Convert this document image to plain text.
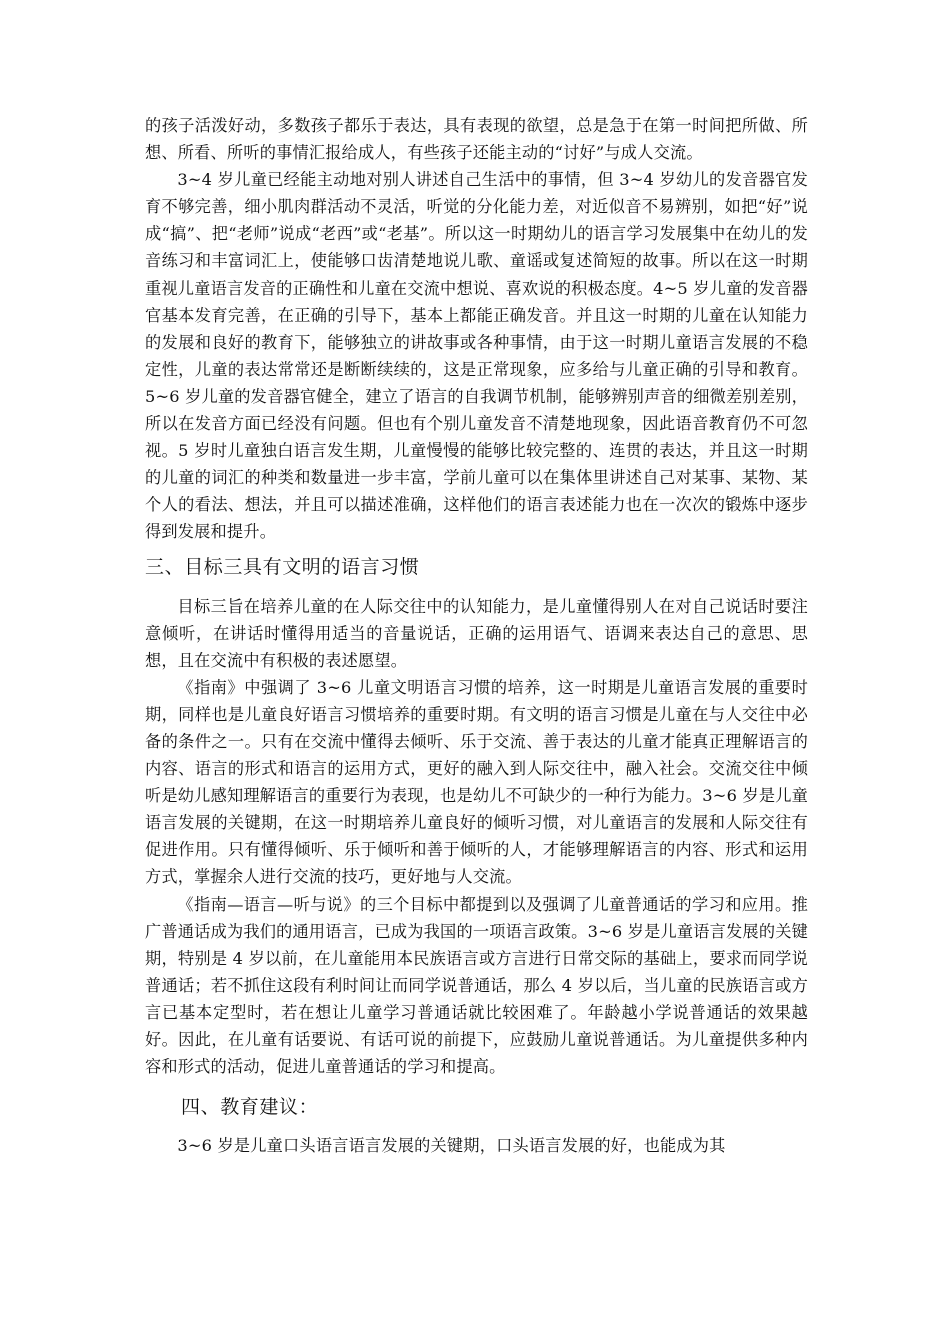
的孩子活泼好动，多数孩子都乐于表达，具有表现的欲望，总是急于在第一时间把所做、所想、所看、所听的事情汇报给成人，有些孩子还能主动的“讨好”与成人交流。

3~4 岁儿童已经能主动地对别人讲述自己生活中的事情，但 3~4 岁幼儿的发音器官发育不够完善，细小肌肉群活动不灵活，听觉的分化能力差，对近似音不易辨别，如把“好”说成“搞”、把“老师”说成“老西”或“老基”。所以这一时期幼儿的语言学习发展集中在幼儿的发音练习和丰富词汇上，使能够口齿清楚地说儿歌、童谣或复述简短的故事。所以在这一时期重视儿童语言发音的正确性和儿童在交流中想说、喜欢说的积极态度。4~5 岁儿童的发音器官基本发育完善，在正确的引导下，基本上都能正确发音。并且这一时期的儿童在认知能力的发展和良好的教育下，能够独立的讲故事或各种事情，由于这一时期儿童语言发展的不稳定性，儿童的表达常常还是断断续续的，这是正常现象，应多给与儿童正确的引导和教育。5~6 岁儿童的发音器官健全，建立了语言的自我调节机制，能够辨别声音的细微差别差别，所以在发音方面已经没有问题。但也有个别儿童发音不清楚地现象，因此语音教育仍不可忽视。5 岁时儿童独白语言发生期，儿童慢慢的能够比较完整的、连贯的表达，并且这一时期的儿童的词汇的种类和数量进一步丰富，学前儿童可以在集体里讲述自己对某事、某物、某个人的看法、想法，并且可以描述准确，这样他们的语言表述能力也在一次次的锻炼中逐步得到发展和提升。

三、目标三具有文明的语言习惯

目标三旨在培养儿童的在人际交往中的认知能力，是儿童懂得别人在对自己说话时要注意倾听，在讲话时懂得用适当的音量说话，正确的运用语气、语调来表达自己的意思、思想，且在交流中有积极的表述愿望。

《指南》中强调了 3~6 儿童文明语言习惯的培养，这一时期是儿童语言发展的重要时期，同样也是儿童良好语言习惯培养的重要时期。有文明的语言习惯是儿童在与人交往中必备的条件之一。只有在交流中懂得去倾听、乐于交流、善于表达的儿童才能真正理解语言的内容、语言的形式和语言的运用方式，更好的融入到人际交往中，融入社会。交流交往中倾听是幼儿感知理解语言的重要行为表现，也是幼儿不可缺少的一种行为能力。3~6 岁是儿童语言发展的关键期，在这一时期培养儿童良好的倾听习惯，对儿童语言的发展和人际交往有促进作用。只有懂得倾听、乐于倾听和善于倾听的人，才能够理解语言的内容、形式和运用方式，掌握余人进行交流的技巧，更好地与人交流。

《指南—语言—听与说》的三个目标中都提到以及强调了儿童普通话的学习和应用。推广普通话成为我们的通用语言，已成为我国的一项语言政策。3~6 岁是儿童语言发展的关键期，特别是 4 岁以前，在儿童能用本民族语言或方言进行日常交际的基础上，要求而同学说普通话；若不抓住这段有利时间让而同学说普通话，那么 4 岁以后，当儿童的民族语言或方言已基本定型时，若在想让儿童学习普通话就比较困难了。年龄越小学说普通话的效果越好。因此，在儿童有话要说、有话可说的前提下，应鼓励儿童说普通话。为儿童提供多种内容和形式的活动，促进儿童普通话的学习和提高。

四、教育建议：

3~6 岁是儿童口头语言语言发展的关键期，口头语言发展的好，也能成为其
